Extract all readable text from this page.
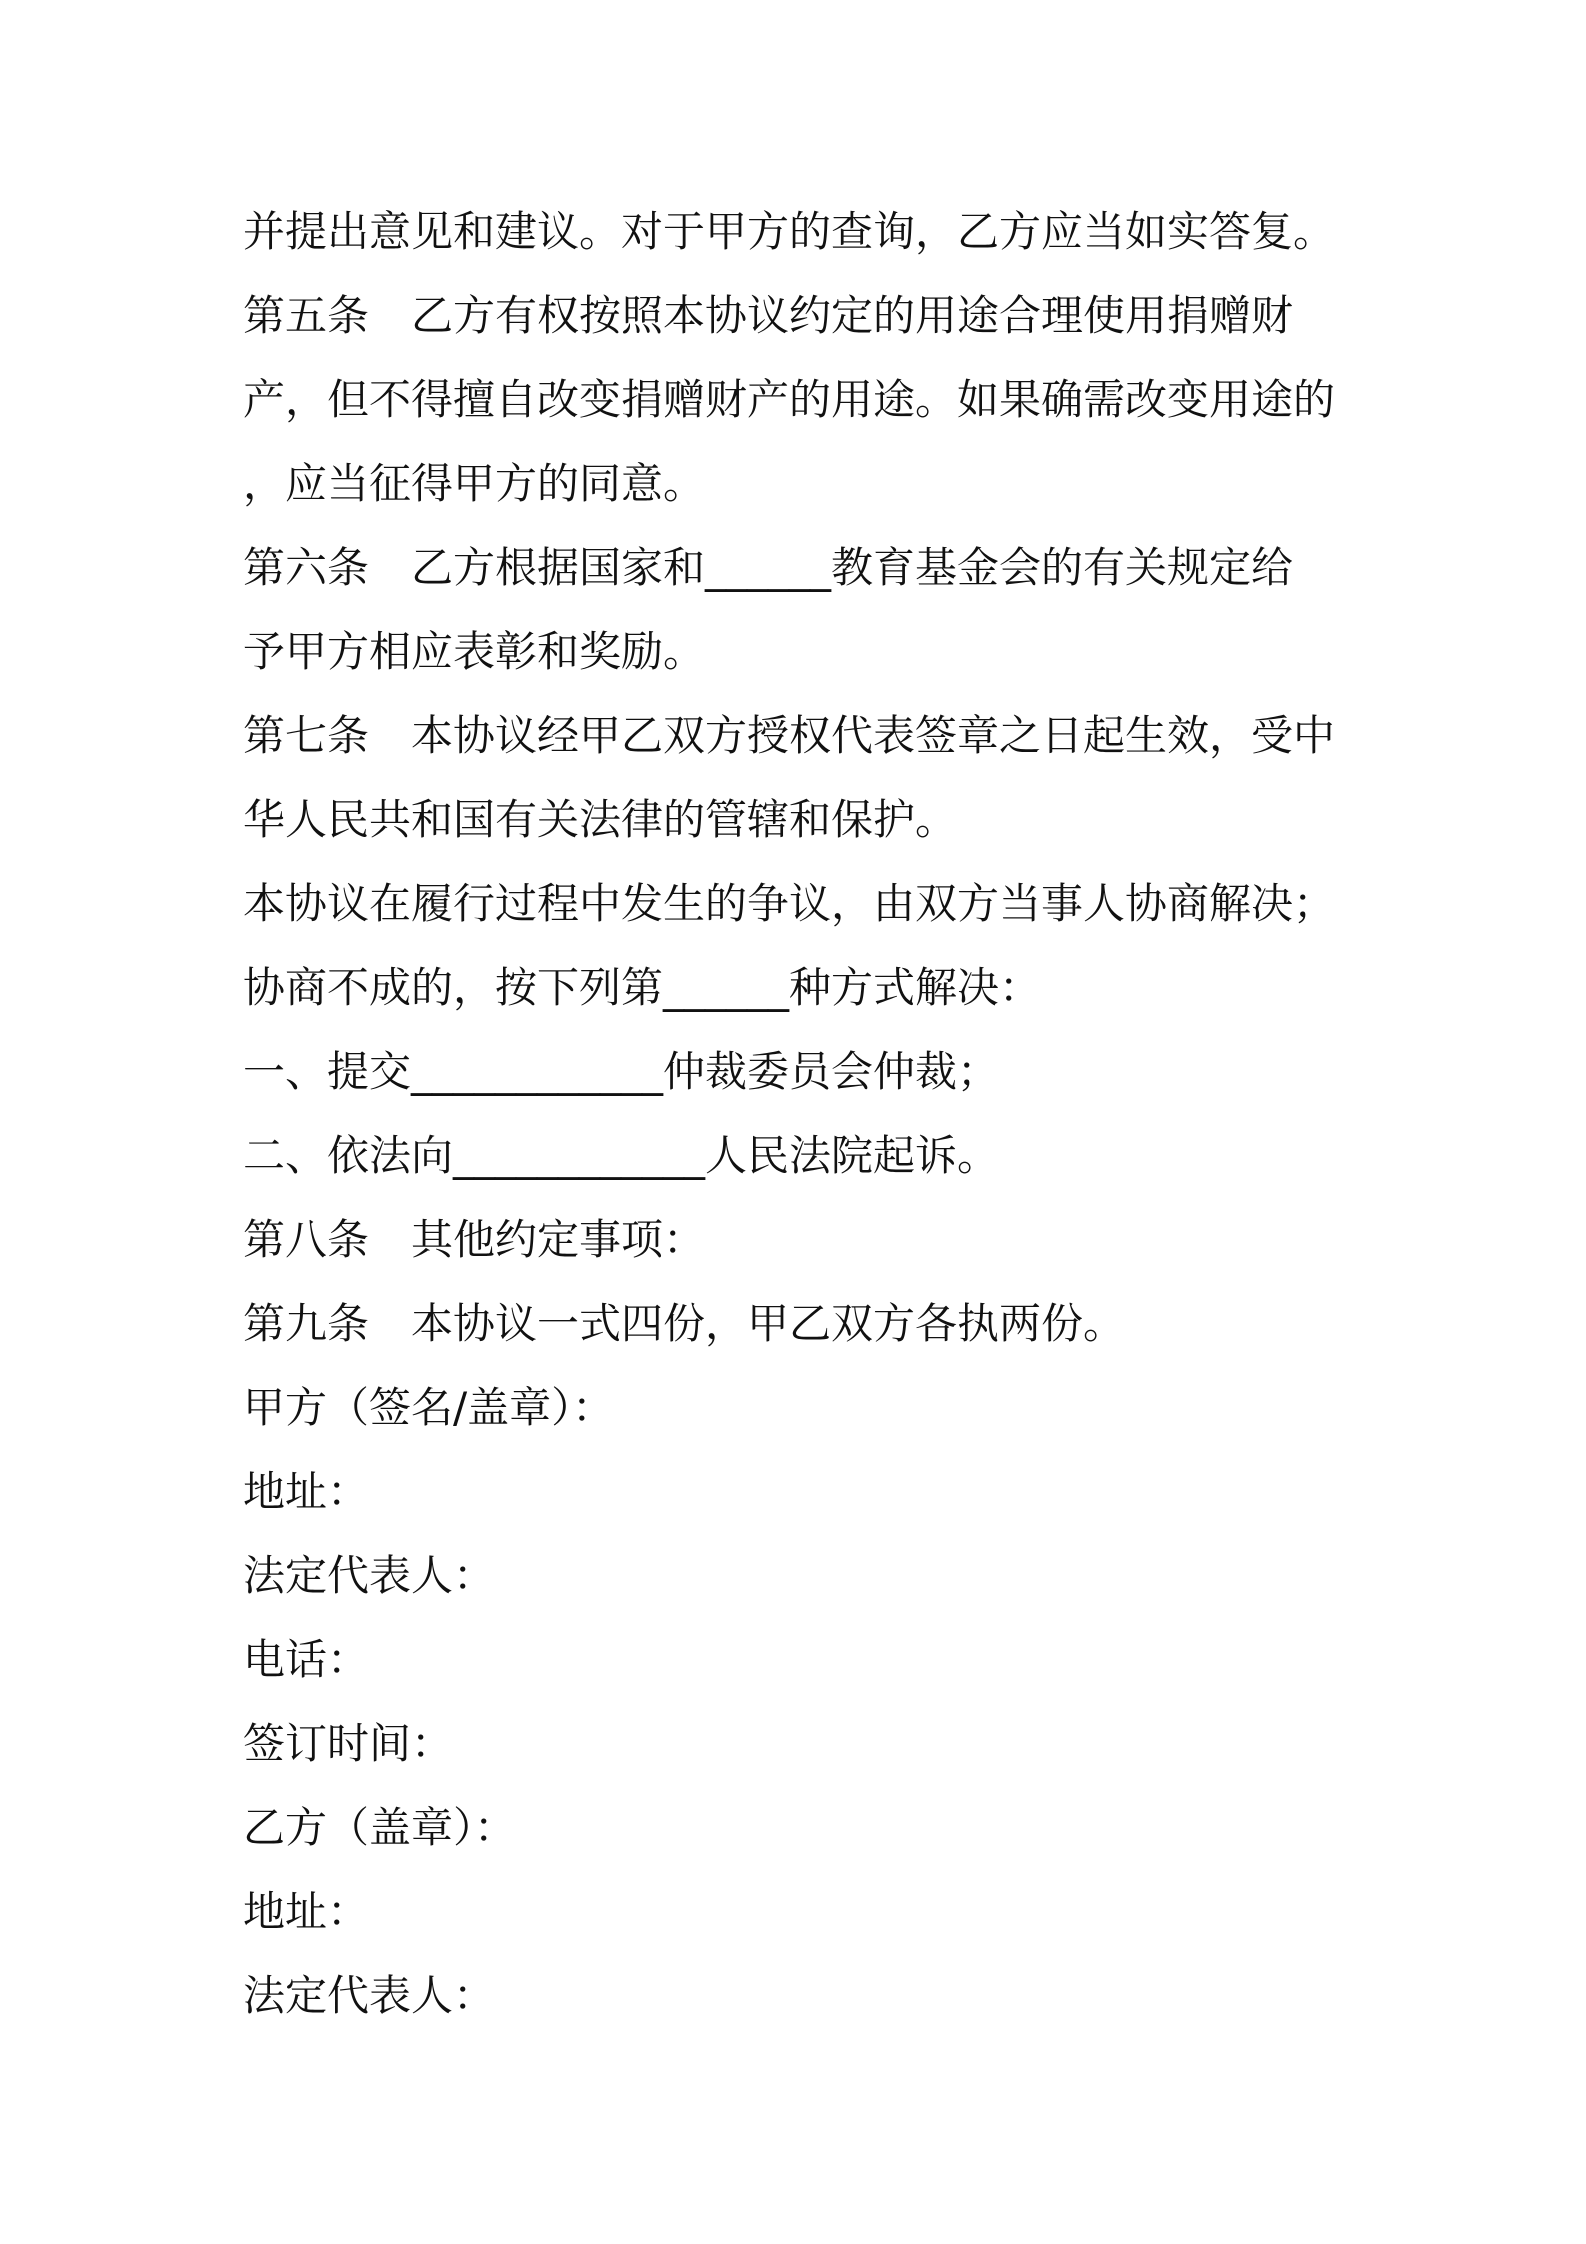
并提出意见和建议。对于甲方的查询，乙方应当如实答复。
第五条　乙方有权按照本协议约定的用途合理使用捐赠财
产，但不得擅自改变捐赠财产的用途。如果确需改变用途的
，应当征得甲方的同意。
第六条　乙方根据国家和______教育基金会的有关规定给
予甲方相应表彰和奖励。
第七条　本协议经甲乙双方授权代表签章之日起生效，受中
华人民共和国有关法律的管辖和保护。
本协议在履行过程中发生的争议，由双方当事人协商解决；
协商不成的，按下列第______种方式解决：
一、提交____________仲裁委员会仲裁；
二、依法向____________人民法院起诉。
第八条　其他约定事项：
第九条　本协议一式四份，甲乙双方各执两份。
甲方（签名/盖章）：
地址：
法定代表人：
电话：
签订时间：
乙方（盖章）：
地址：
法定代表人：
